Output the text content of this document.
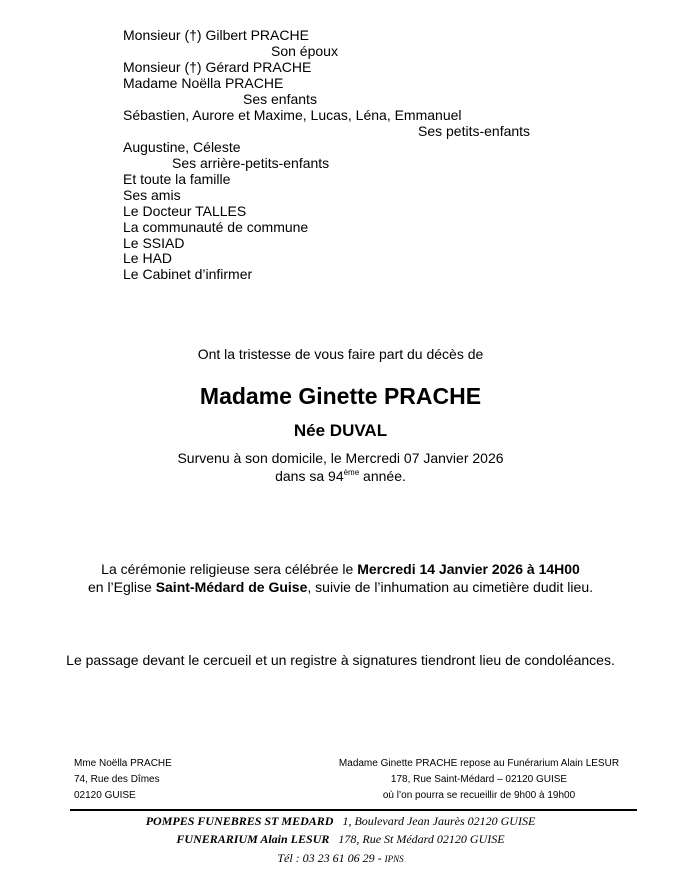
Monsieur (†) Gilbert PRACHE
Son époux
Monsieur (†) Gérard PRACHE
Madame Noëlla PRACHE
Ses enfants
Sébastien, Aurore et Maxime, Lucas, Léna, Emmanuel
Ses petits-enfants
Augustine, Céleste
Ses arrière-petits-enfants
Et toute la famille
Ses amis
Le Docteur TALLES
La communauté de commune
Le SSIAD
Le HAD
Le Cabinet d’infirmer
Ont la tristesse de vous faire part du décès de
Madame Ginette PRACHE
Née DUVAL
Survenu à son domicile, le Mercredi 07 Janvier 2026
dans sa 94ème année.
La cérémonie religieuse sera célébrée le Mercredi 14 Janvier 2026 à 14H00
en l’Eglise Saint-Médard de Guise, suivie de l’inhumation au cimetière dudit lieu.
Le passage devant le cercueil et un registre à signatures tiendront lieu de condoléances.
Mme Noëlla PRACHE
74, Rue des Dîmes
02120 GUISE
Madame Ginette PRACHE repose au Funérarium Alain LESUR
178, Rue Saint-Médard – 02120 GUISE
où l’on pourra se recueillir de 9h00 à 19h00
POMPES FUNEBRES ST MEDARD 1, Boulevard Jean Jaurès 02120 GUISE
FUNERARIUM Alain LESUR 178, Rue St Médard 02120 GUISE
Tél : 03 23 61 06 29 - IPNS
